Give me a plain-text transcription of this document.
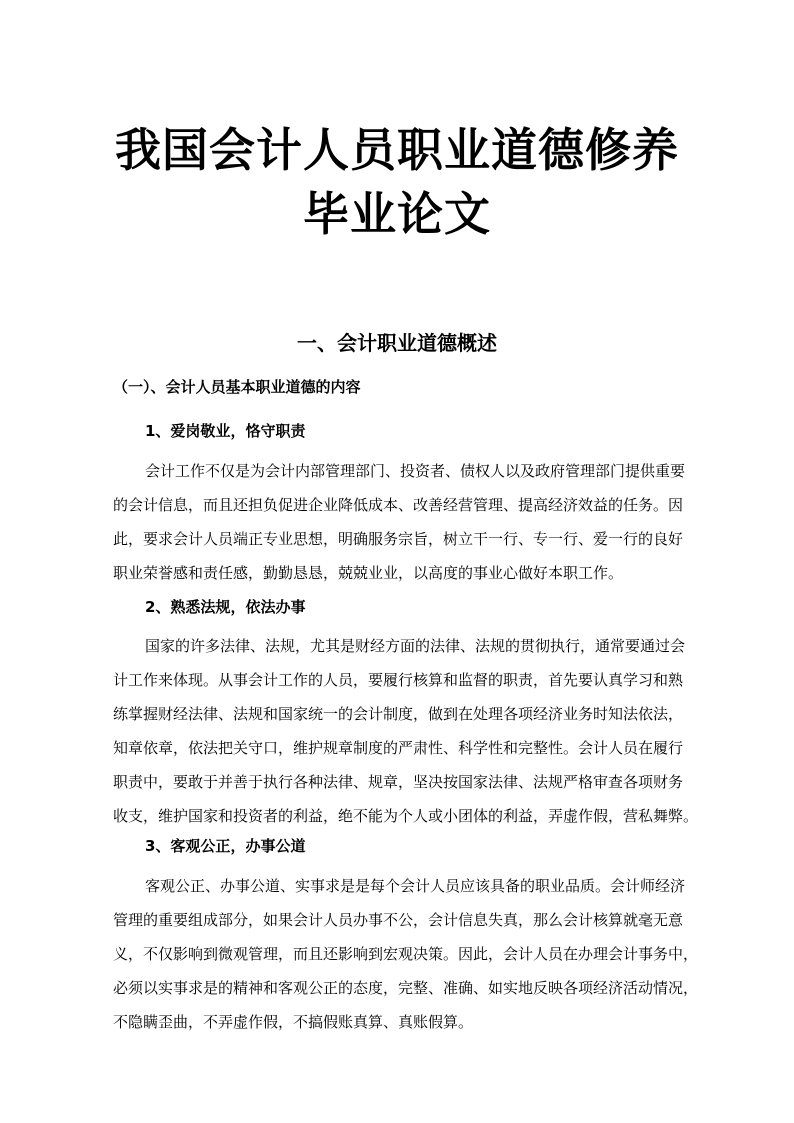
我国会计人员职业道德修养
毕业论文
一、会计职业道德概述
（一）、会计人员基本职业道德的内容
1、爱岗敬业，恪守职责

会计工作不仅是为会计内部管理部门、投资者、债权人以及政府管理部门提供重要
的会计信息，而且还担负促进企业降低成本、改善经营管理、提高经济效益的任务。因
此，要求会计人员端正专业思想，明确服务宗旨，树立干一行、专一行、爱一行的良好
职业荣誉感和责任感，勤勤恳恳，兢兢业业，以高度的事业心做好本职工作。

2、熟悉法规，依法办事

国家的许多法律、法规，尤其是财经方面的法律、法规的贯彻执行，通常要通过会
计工作来体现。从事会计工作的人员，要履行核算和监督的职责，首先要认真学习和熟
练掌握财经法律、法规和国家统一的会计制度，做到在处理各项经济业务时知法依法，
知章依章，依法把关守口，维护规章制度的严肃性、科学性和完整性。会计人员在履行
职责中，要敢于并善于执行各种法律、规章，坚决按国家法律、法规严格审查各项财务
收支，维护国家和投资者的利益，绝不能为个人或小团体的利益，弄虚作假，营私舞弊。

3、客观公正，办事公道

客观公正、办事公道、实事求是是每个会计人员应该具备的职业品质。会计师经济
管理的重要组成部分，如果会计人员办事不公，会计信息失真，那么会计核算就毫无意
义，不仅影响到微观管理，而且还影响到宏观决策。因此，会计人员在办理会计事务中，
必须以实事求是的精神和客观公正的态度，完整、准确、如实地反映各项经济活动情况，
不隐瞒歪曲，不弄虚作假，不搞假账真算、真账假算。
